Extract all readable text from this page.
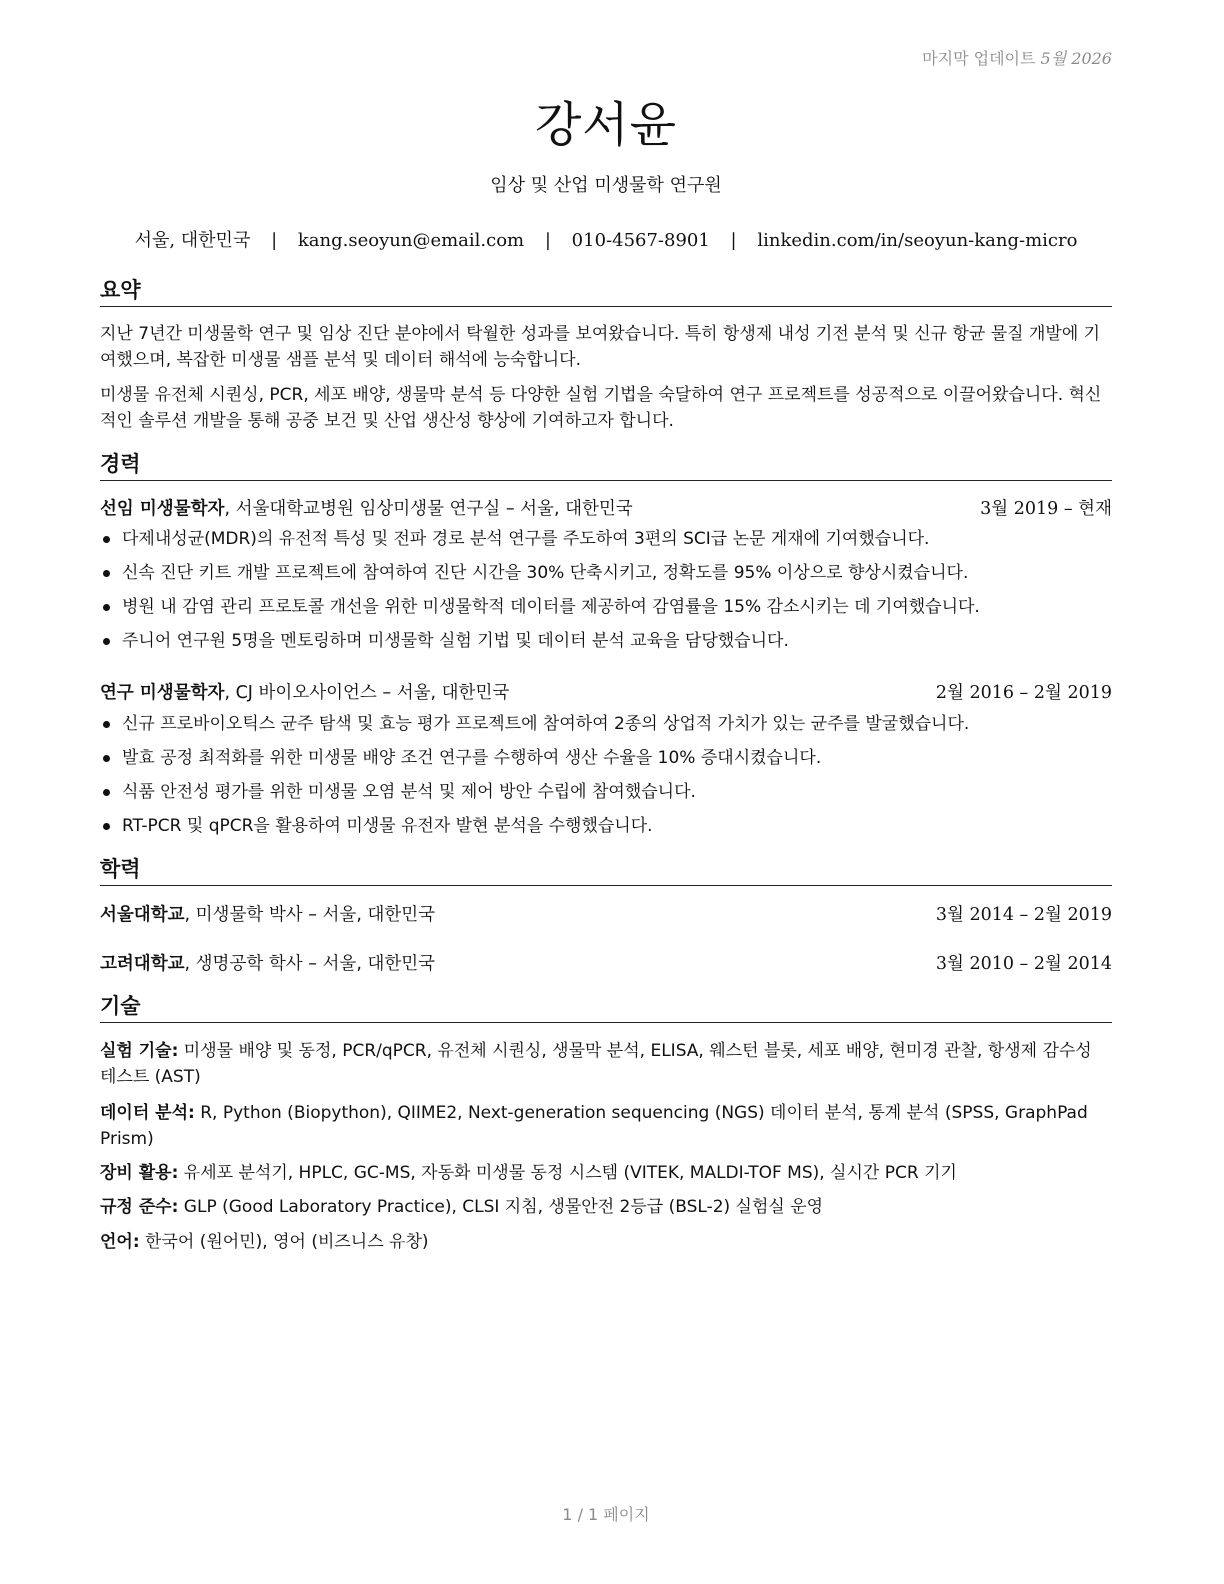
마지막 업데이트 5월 2026
강서윤
임상 및 산업 미생물학 연구원
서울, 대한민국 | kang.seoyun@email.com | 010-4567-8901 | linkedin.com/in/seoyun-kang-micro
요약
지난 7년간 미생물학 연구 및 임상 진단 분야에서 탁월한 성과를 보여왔습니다. 특히 항생제 내성 기전 분석 및 신규 항균 물질 개발에 기여했으며, 복잡한 미생물 샘플 분석 및 데이터 해석에 능숙합니다.
미생물 유전체 시퀀싱, PCR, 세포 배양, 생물막 분석 등 다양한 실험 기법을 숙달하여 연구 프로젝트를 성공적으로 이끌어왔습니다. 혁신적인 솔루션 개발을 통해 공중 보건 및 산업 생산성 향상에 기여하고자 합니다.
경력
선임 미생물학자, 서울대학교병원 임상미생물 연구실 – 서울, 대한민국	3월 2019 – 현재
다제내성균(MDR)의 유전적 특성 및 전파 경로 분석 연구를 주도하여 3편의 SCI급 논문 게재에 기여했습니다.
신속 진단 키트 개발 프로젝트에 참여하여 진단 시간을 30% 단축시키고, 정확도를 95% 이상으로 향상시켰습니다.
병원 내 감염 관리 프로토콜 개선을 위한 미생물학적 데이터를 제공하여 감염률을 15% 감소시키는 데 기여했습니다.
주니어 연구원 5명을 멘토링하며 미생물학 실험 기법 및 데이터 분석 교육을 담당했습니다.
연구 미생물학자, CJ 바이오사이언스 – 서울, 대한민국	2월 2016 – 2월 2019
신규 프로바이오틱스 균주 탐색 및 효능 평가 프로젝트에 참여하여 2종의 상업적 가치가 있는 균주를 발굴했습니다.
발효 공정 최적화를 위한 미생물 배양 조건 연구를 수행하여 생산 수율을 10% 증대시켰습니다.
식품 안전성 평가를 위한 미생물 오염 분석 및 제어 방안 수립에 참여했습니다.
RT-PCR 및 qPCR을 활용하여 미생물 유전자 발현 분석을 수행했습니다.
학력
서울대학교, 미생물학 박사 – 서울, 대한민국	3월 2014 – 2월 2019
고려대학교, 생명공학 학사 – 서울, 대한민국	3월 2010 – 2월 2014
기술
실험 기술: 미생물 배양 및 동정, PCR/qPCR, 유전체 시퀀싱, 생물막 분석, ELISA, 웨스턴 블롯, 세포 배양, 현미경 관찰, 항생제 감수성 테스트 (AST)
데이터 분석: R, Python (Biopython), QIIME2, Next-generation sequencing (NGS) 데이터 분석, 통계 분석 (SPSS, GraphPad Prism)
장비 활용: 유세포 분석기, HPLC, GC-MS, 자동화 미생물 동정 시스템 (VITEK, MALDI-TOF MS), 실시간 PCR 기기
규정 준수: GLP (Good Laboratory Practice), CLSI 지침, 생물안전 2등급 (BSL-2) 실험실 운영
언어: 한국어 (원어민), 영어 (비즈니스 유창)
1 / 1 페이지
